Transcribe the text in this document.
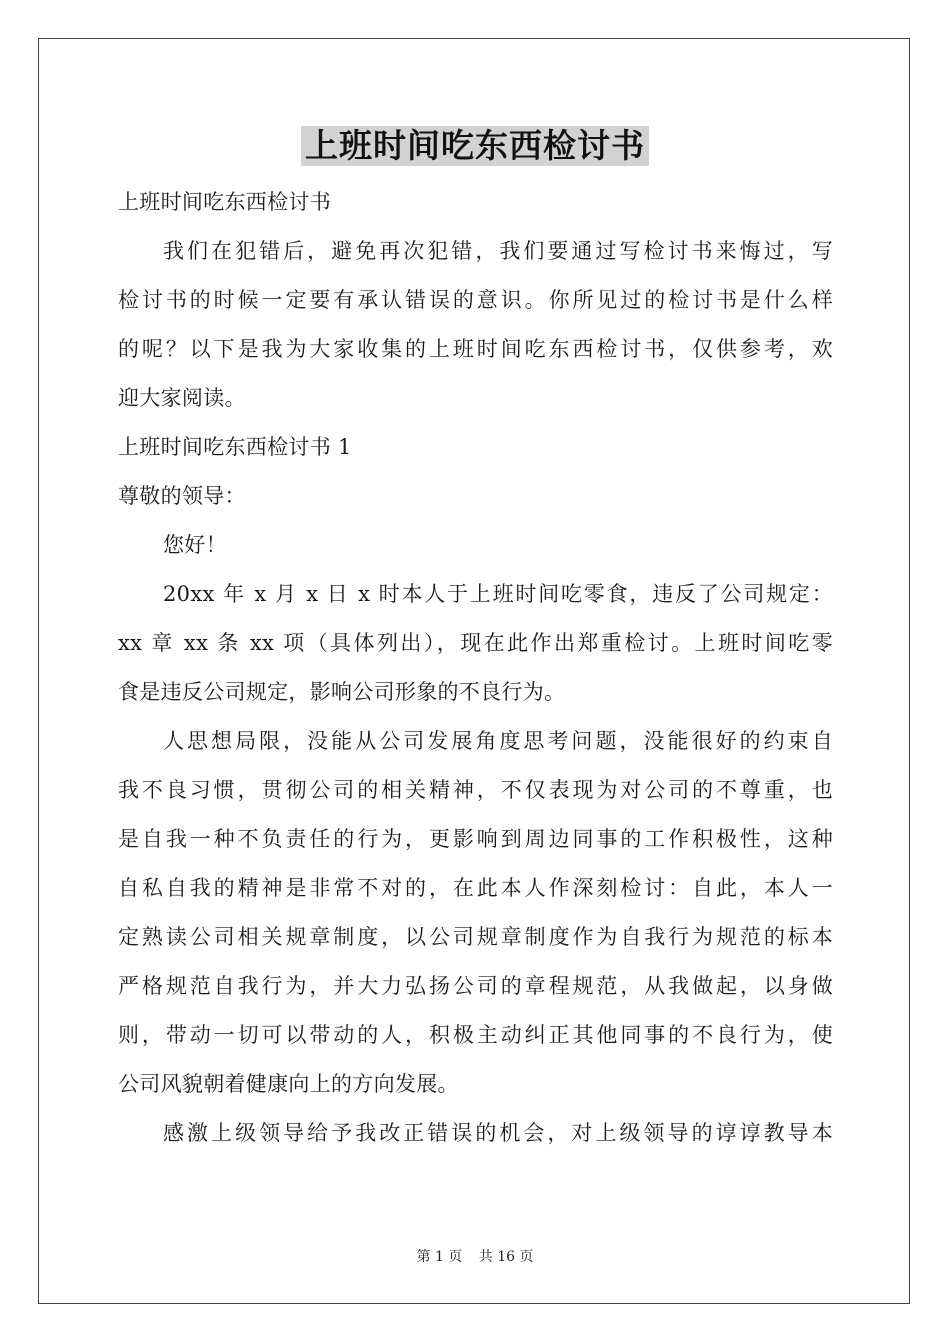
上班时间吃东西检讨书
上班时间吃东西检讨书
我们在犯错后，避免再次犯错，我们要通过写检讨书来悔过，写
检讨书的时候一定要有承认错误的意识。你所见过的检讨书是什么样
的呢？以下是我为大家收集的上班时间吃东西检讨书，仅供参考，欢
迎大家阅读。
上班时间吃东西检讨书 1
尊敬的领导：
您好！
20xx 年 x 月 x 日 x 时本人于上班时间吃零食，违反了公司规定：
xx 章 xx 条 xx 项（具体列出），现在此作出郑重检讨。上班时间吃零
食是违反公司规定，影响公司形象的不良行为。
人思想局限，没能从公司发展角度思考问题，没能很好的约束自
我不良习惯，贯彻公司的相关精神，不仅表现为对公司的不尊重，也
是自我一种不负责任的行为，更影响到周边同事的工作积极性，这种
自私自我的精神是非常不对的，在此本人作深刻检讨：自此，本人一
定熟读公司相关规章制度，以公司规章制度作为自我行为规范的标本
严格规范自我行为，并大力弘扬公司的章程规范，从我做起，以身做
则，带动一切可以带动的人，积极主动纠正其他同事的不良行为，使
公司风貌朝着健康向上的方向发展。
感激上级领导给予我改正错误的机会，对上级领导的谆谆教导本
第 1 页 共 16 页
